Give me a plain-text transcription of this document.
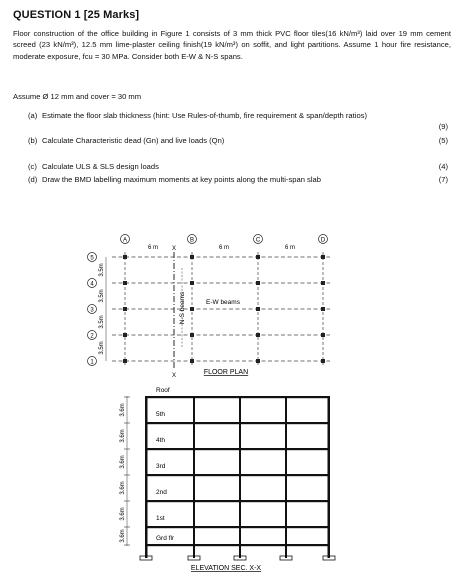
QUESTION 1 [25 Marks]
Floor construction of the office building in Figure 1 consists of 3 mm thick PVC floor tiles(16 kN/m³) laid over 19 mm cement screed (23 kN/m³), 12.5 mm lime-plaster ceiling finish(19 kN/m³) on soffit, and light partitions. Assume 1 hour fire resistance, moderate exposure, fcu = 30 MPa. Consider both E-W & N-S spans.
Assume Ø 12 mm and cover = 30 mm
(a) Estimate the floor slab thickness (hint: Use Rules-of-thumb, fire requirement & span/depth ratios)
(9)
(b) Calculate Characteristic dead (Gn) and live loads (Qn)	(5)
(c) Calculate ULS & SLS design loads	(4)
(d) Draw the BMD labelling maximum moments at key points along the multi-span slab	(7)
A	B	C	D
6 m	6 m	6 m
X
5
4
3
2
1
3.5m
3.5m
3.5m
3.5m
X
N-S beams	E-W beams
FLOOR PLAN
Roof
5th
4th
3rd
2nd
1st
Grd flr
3.6m
3.6m
3.6m
3.6m
3.6m
3.6m
ELEVATION SEC. X-X
